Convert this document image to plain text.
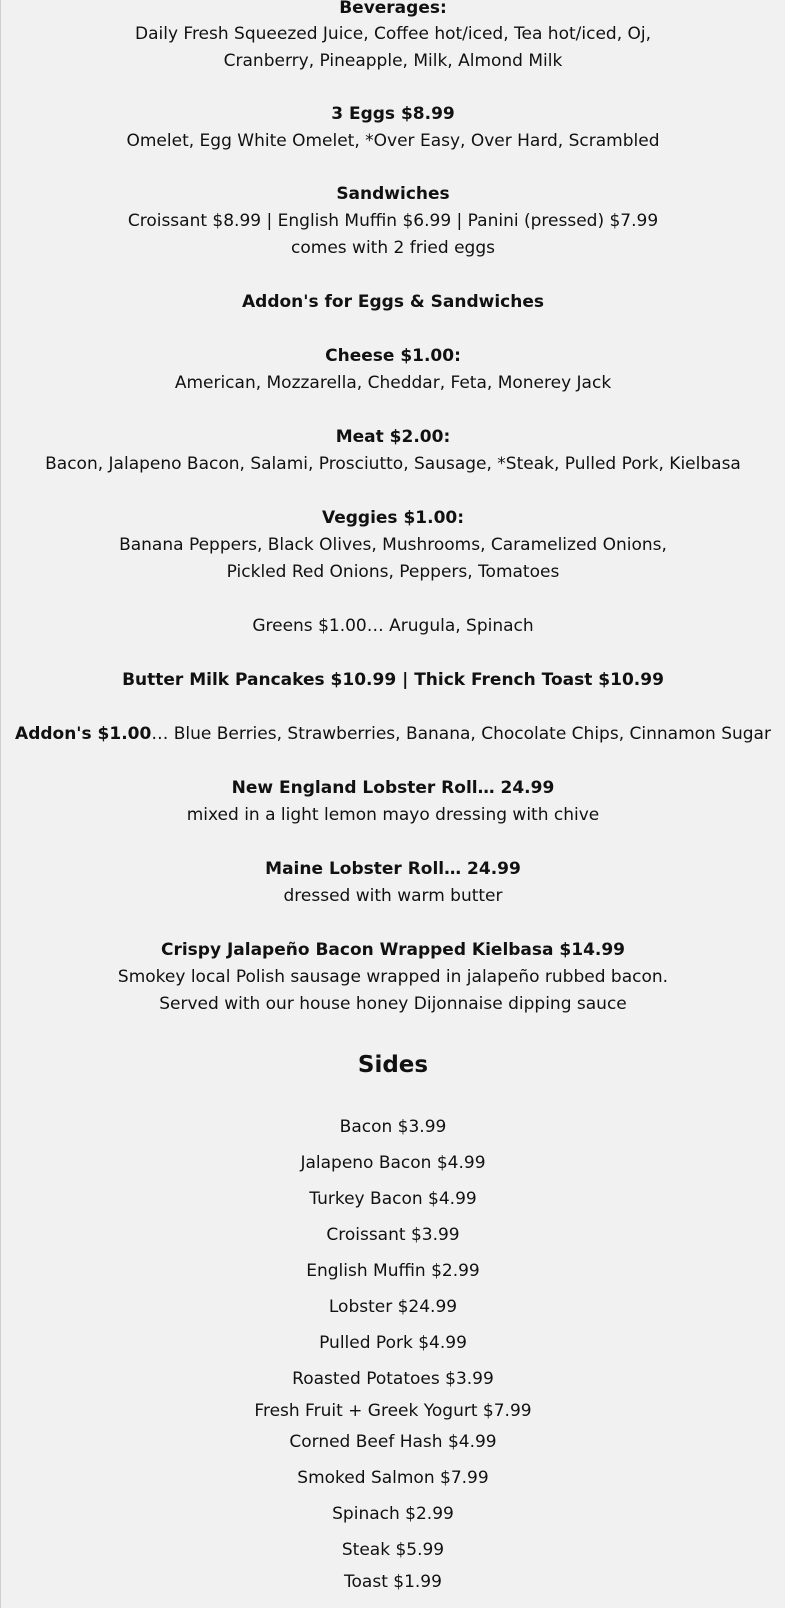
Beverages:
Daily Fresh Squeezed Juice, Coffee hot/iced, Tea hot/iced, Oj,
Cranberry, Pineapple, Milk, Almond Milk
3 Eggs $8.99
Omelet, Egg White Omelet, *Over Easy, Over Hard, Scrambled
Sandwiches
Croissant $8.99 | English Muffin $6.99 | Panini (pressed) $7.99
comes with 2 fried eggs
Addon's for Eggs & Sandwiches
Cheese $1.00:
American, Mozzarella, Cheddar, Feta, Monerey Jack
Meat $2.00:
Bacon, Jalapeno Bacon, Salami, Prosciutto, Sausage, *Steak, Pulled Pork, Kielbasa
Veggies $1.00:
Banana Peppers, Black Olives, Mushrooms, Caramelized Onions,
Pickled Red Onions, Peppers, Tomatoes
Greens $1.00… Arugula, Spinach
Butter Milk Pancakes $10.99 | Thick French Toast $10.99
Addon's $1.00… Blue Berries, Strawberries, Banana, Chocolate Chips, Cinnamon Sugar
New England Lobster Roll… 24.99
mixed in a light lemon mayo dressing with chive
Maine Lobster Roll… 24.99
dressed with warm butter
Crispy Jalapeño Bacon Wrapped Kielbasa $14.99
Smokey local Polish sausage wrapped in jalapeño rubbed bacon.
Served with our house honey Dijonnaise dipping sauce
Sides
Bacon $3.99
Jalapeno Bacon $4.99
Turkey Bacon $4.99
Croissant $3.99
English Muffin $2.99
Lobster $24.99
Pulled Pork $4.99
Roasted Potatoes $3.99
Fresh Fruit + Greek Yogurt $7.99
Corned Beef Hash $4.99
Smoked Salmon $7.99
Spinach $2.99
Steak $5.99
Toast $1.99
